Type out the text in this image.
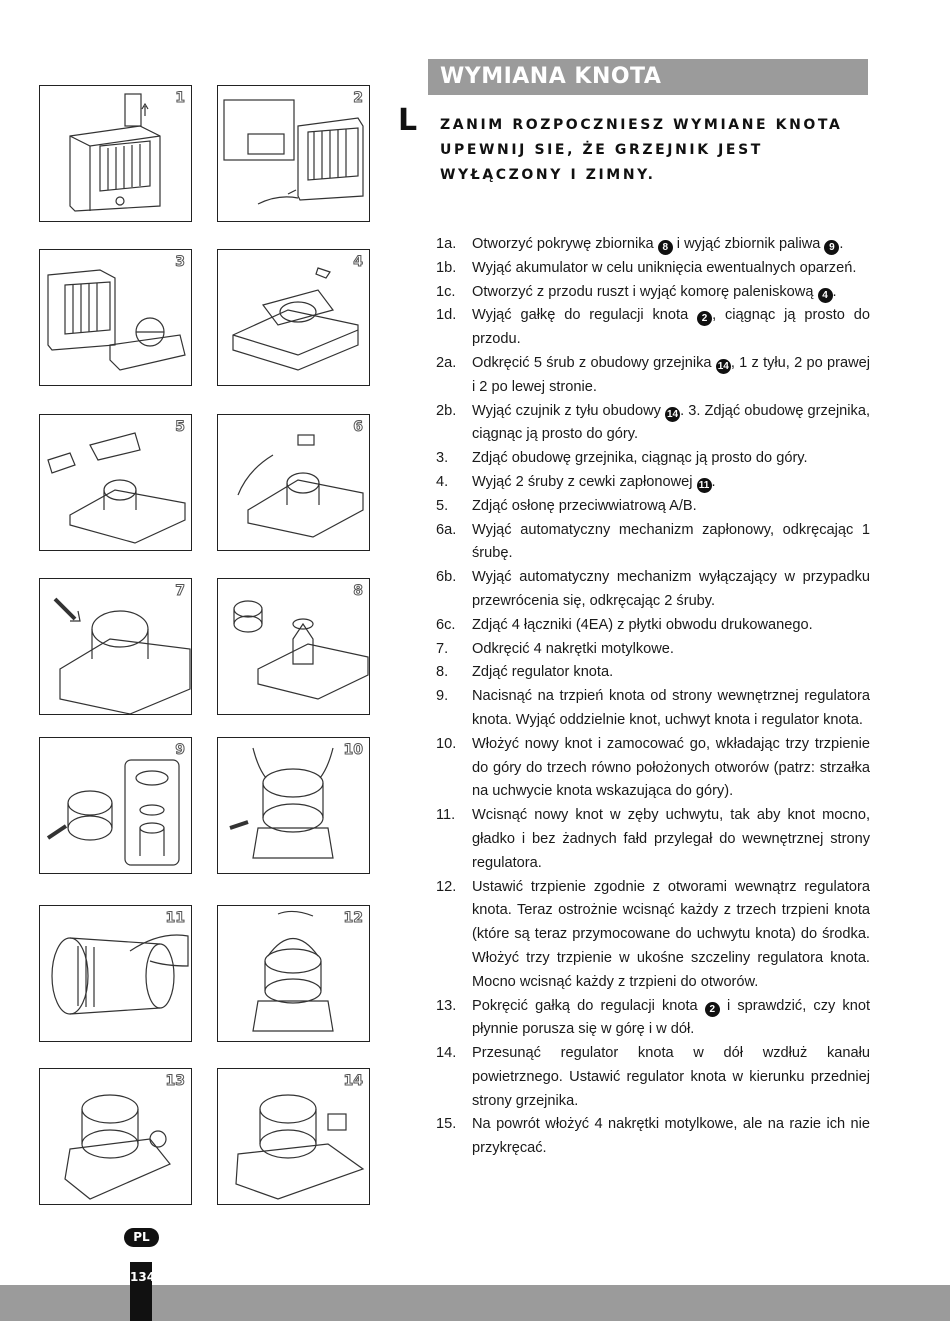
WYMIANA KNOTA
L ZANIM ROZPOCZNIESZ WYMIANE KNOTA
UPEWNIJ SIE, ŻE GRZEJNIK JEST
WYŁĄCZONY I ZIMNY.
1a.	Otworzyć pokrywę zbiornika 8 i wyjąć zbiornik paliwa 9 .
1b.	Wyjąć akumulator w celu uniknięcia ewentualnych oparzeń.
1c.	Otworzyć z przodu ruszt i wyjąć komorę paleniskową 4 .
1d.	Wyjąć gałkę do regulacji knota 2 , ciągnąc ją prosto do przodu.
2a.	Odkręcić 5 śrub z obudowy grzejnika 14 , 1 z tyłu, 2 po prawej i 2 po lewej stronie.
2b.	Wyjąć czujnik z tyłu obudowy 14 . 3. Zdjąć obudowę grzejnika, ciągnąc ją prosto do góry.
3.	Zdjąć obudowę grzejnika, ciągnąc ją prosto do góry.
4.	Wyjąć 2 śruby z cewki zapłonowej 11 .
5.	Zdjąć osłonę przeciwwiatrową A/B.
6a.	Wyjąć automatyczny mechanizm zapłonowy, odkręcając 1 śrubę.
6b.	Wyjąć automatyczny mechanizm wyłączający w przypadku przewrócenia się, odkręcając 2 śruby.
6c.	Zdjąć 4 łączniki (4EA) z płytki obwodu drukowanego.
7.	Odkręcić 4 nakrętki motylkowe.
8.	Zdjąć regulator knota.
9.	Nacisnąć na trzpień knota od strony wewnętrznej regulatora knota. Wyjąć oddzielnie knot, uchwyt knota i regulator knota.
10.	Włożyć nowy knot i zamocować go, wkładając trzy trzpienie do góry do trzech równo położonych otworów (patrz: strzałka na uchwycie knota wskazująca do góry).
11.	Wcisnąć nowy knot w zęby uchwytu, tak aby knot mocno, gładko i bez żadnych fałd przylegał do wewnętrznej strony regulatora.
12.	Ustawić trzpienie zgodnie z otworami wewnątrz regulatora knota. Teraz ostrożnie wcisnąć każdy z trzech trzpieni knota (które są teraz przymocowane do uchwytu knota) do środka. Włożyć trzy trzpienie w ukośne szczeliny regulatora knota. Mocno wcisnąć każdy z trzpieni do otworów.
13.	Pokręcić gałką do regulacji knota 2 i sprawdzić, czy knot płynnie porusza się w górę i w dół.
14.	Przesunąć regulator knota w dół wzdłuż kanału powietrznego. Ustawić regulator knota w kierunku przedniej strony grzejnika.
15.	Na powrót włożyć 4 nakrętki motylkowe, ale na razie ich nie przykręcać.
1	2
3	4
5	6
7	8
9	10
11	12
13	14
PL
134
